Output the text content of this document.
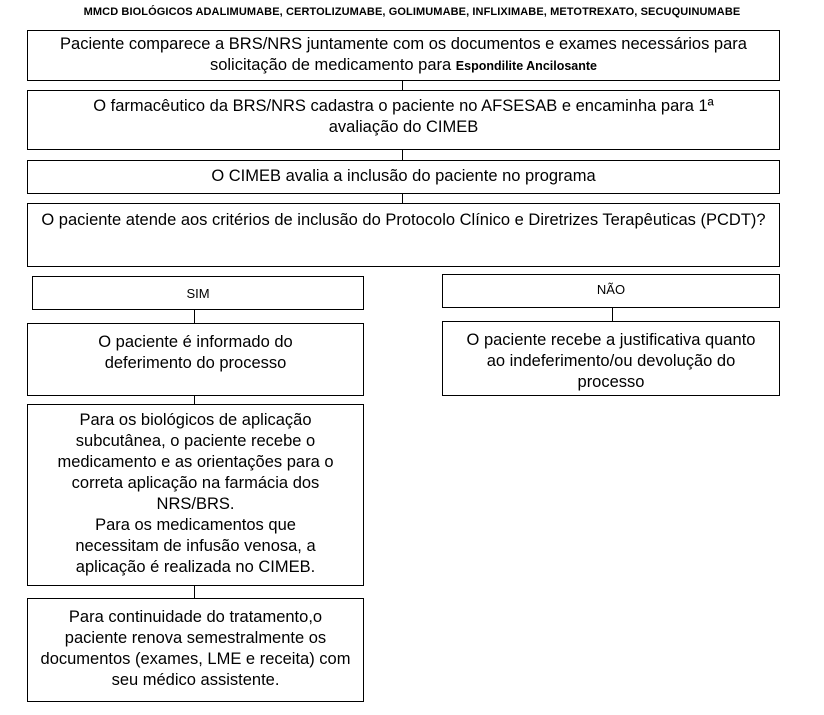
MMCD BIOLÓGICOS ADALIMUMABE, CERTOLIZUMABE, GOLIMUMABE, INFLIXIMABE, METOTREXATO, SECUQUINUMABE
Paciente comparece a BRS/NRS juntamente com os documentos e exames necessários para solicitação de medicamento para Espondilite Ancilosante
O farmacêutico da BRS/NRS cadastra o paciente no AFSESAB e encaminha para 1ª avaliação do CIMEB
O CIMEB avalia a inclusão do paciente no programa
O paciente atende aos critérios de inclusão do Protocolo Clínico e Diretrizes Terapêuticas (PCDT)?
SIM	NÃO
O paciente é informado do deferimento do processo
O paciente recebe a justificativa quanto ao indeferimento/ou devolução do processo
Para os biológicos de aplicação subcutânea, o paciente recebe o medicamento e as orientações para o correta aplicação na farmácia dos NRS/BRS.
Para os medicamentos que necessitam de infusão venosa, a aplicação é realizada no CIMEB.
Para continuidade do tratamento,o paciente renova semestralmente os documentos (exames, LME e receita) com seu médico assistente.
